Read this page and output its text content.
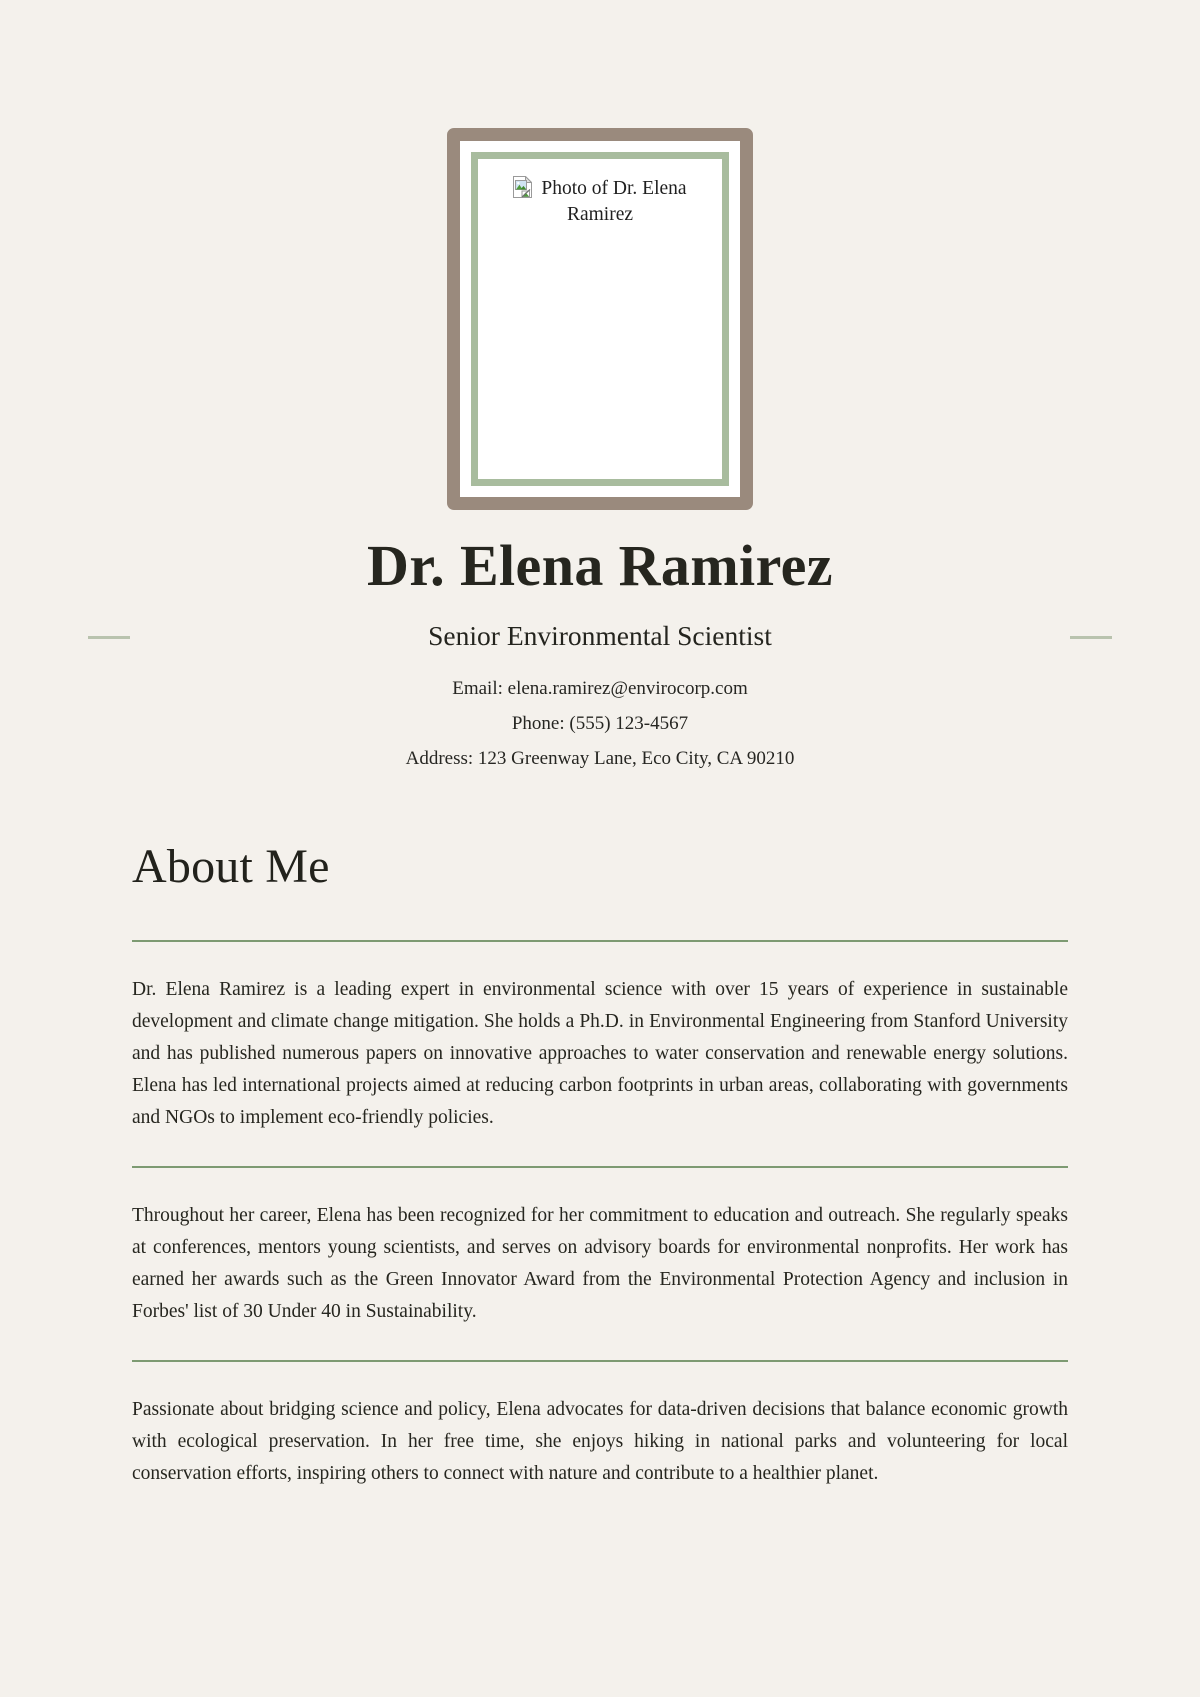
Photo of Dr. Elena Ramirez
Dr. Elena Ramirez

Senior Environmental Scientist

Email: elena.ramirez@envirocorp.com
Phone: (555) 123-4567
Address: 123 Greenway Lane, Eco City, CA 90210
About Me

Dr. Elena Ramirez is a leading expert in environmental science with over 15 years of experience in sustainable development and climate change mitigation. She holds a Ph.D. in Environmental Engineering from Stanford University and has published numerous papers on innovative approaches to water conservation and renewable energy solutions. Elena has led international projects aimed at reducing carbon footprints in urban areas, collaborating with governments and NGOs to implement eco-friendly policies.

Throughout her career, Elena has been recognized for her commitment to education and outreach. She regularly speaks at conferences, mentors young scientists, and serves on advisory boards for environmental nonprofits. Her work has earned her awards such as the Green Innovator Award from the Environmental Protection Agency and inclusion in Forbes' list of 30 Under 40 in Sustainability.

Passionate about bridging science and policy, Elena advocates for data-driven decisions that balance economic growth with ecological preservation. In her free time, she enjoys hiking in national parks and volunteering for local conservation efforts, inspiring others to connect with nature and contribute to a healthier planet.
